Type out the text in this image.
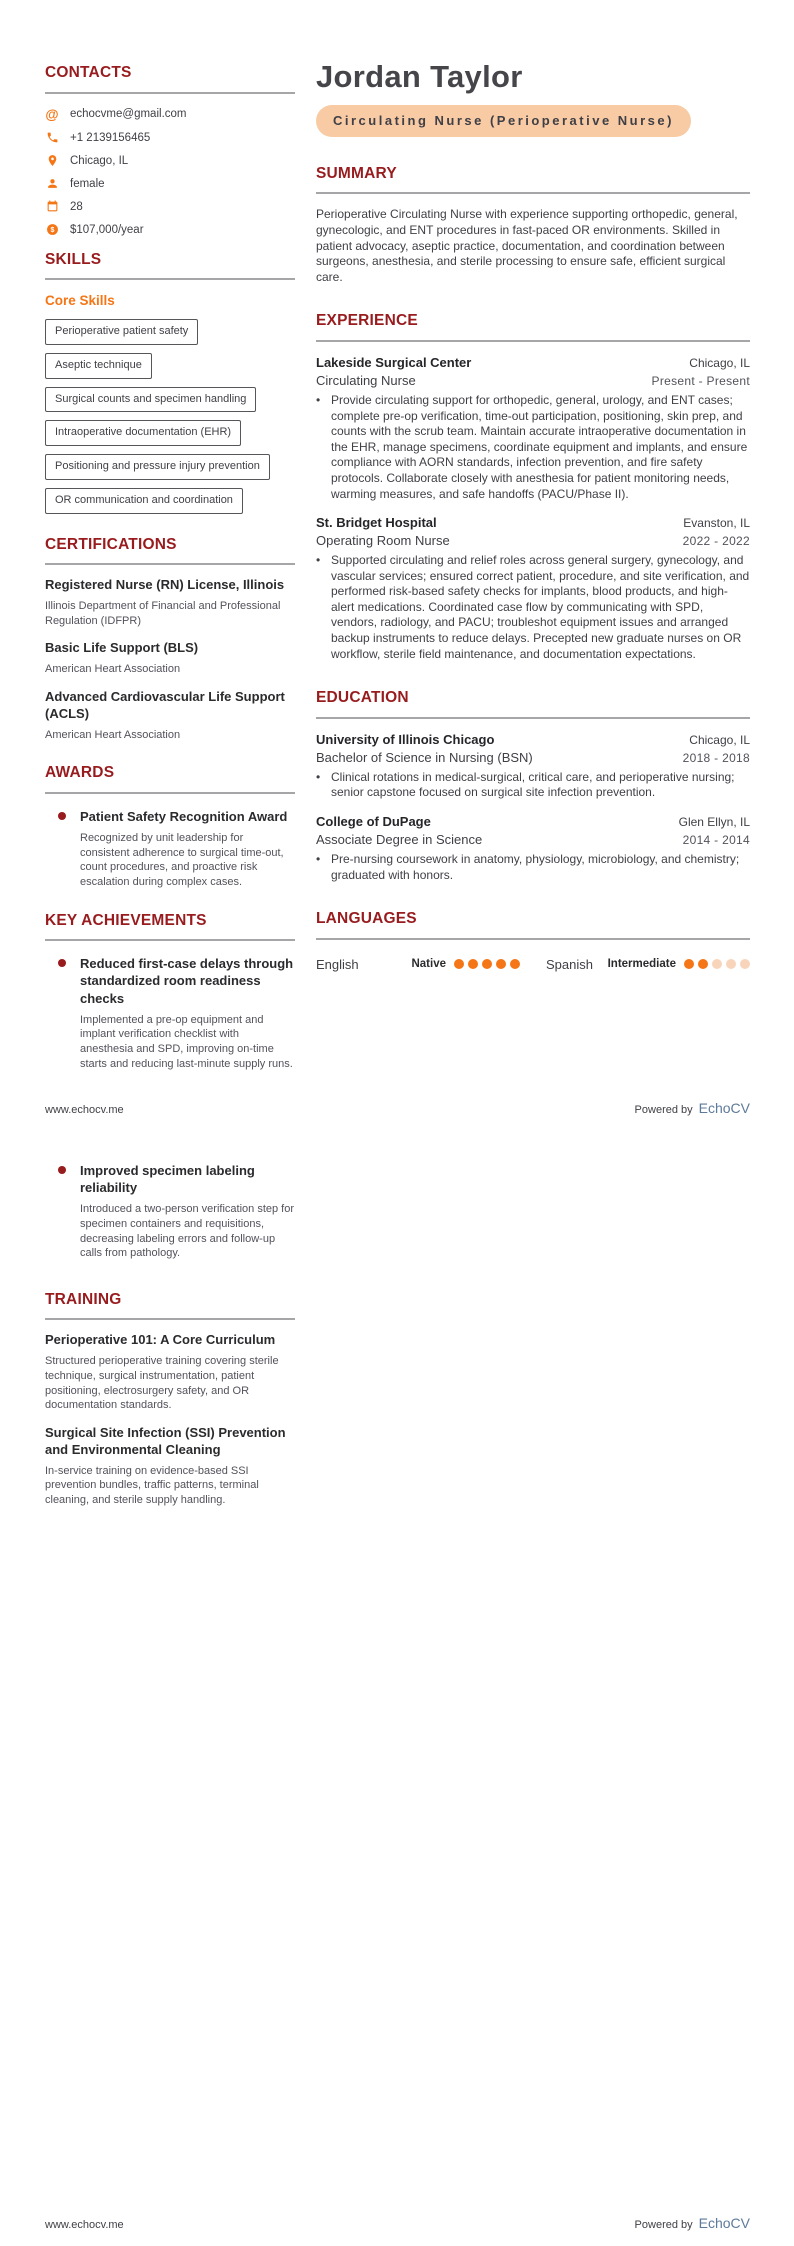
CONTACTS
@ echocvme@gmail.com
+1 2139156465
Chicago, IL
female
28
$ $107,000/year
SKILLS
Core Skills
Perioperative patient safety
Aseptic technique
Surgical counts and specimen handling
Intraoperative documentation (EHR)
Positioning and pressure injury prevention
OR communication and coordination
CERTIFICATIONS
Registered Nurse (RN) License, Illinois
Illinois Department of Financial and Professional Regulation (IDFPR)
Basic Life Support (BLS)
American Heart Association
Advanced Cardiovascular Life Support (ACLS)
American Heart Association
AWARDS
Patient Safety Recognition Award
Recognized by unit leadership for consistent adherence to surgical time-out, count procedures, and proactive risk escalation during complex cases.
KEY ACHIEVEMENTS
Reduced first-case delays through standardized room readiness checks
Implemented a pre-op equipment and implant verification checklist with anesthesia and SPD, improving on-time starts and reducing last-minute supply runs.
Improved specimen labeling reliability
Introduced a two-person verification step for specimen containers and requisitions, decreasing labeling errors and follow-up calls from pathology.
TRAINING
Perioperative 101: A Core Curriculum
Structured perioperative training covering sterile technique, surgical instrumentation, patient positioning, electrosurgery safety, and OR documentation standards.
Surgical Site Infection (SSI) Prevention and Environmental Cleaning
In-service training on evidence-based SSI prevention bundles, traffic patterns, terminal cleaning, and sterile supply handling.
Jordan Taylor
Circulating Nurse (Perioperative Nurse)
SUMMARY

Perioperative Circulating Nurse with experience supporting orthopedic, general, gynecologic, and ENT procedures in fast-paced OR environments. Skilled in patient advocacy, aseptic practice, documentation, and coordination between surgeons, anesthesia, and sterile processing to ensure safe, efficient surgical care.

EXPERIENCE
Lakeside Surgical Center	Chicago, IL
Circulating Nurse	Present - Present
• Provide circulating support for orthopedic, general, urology, and ENT cases; complete pre-op verification, time-out participation, positioning, skin prep, and counts with the scrub team. Maintain accurate intraoperative documentation in the EHR, manage specimens, coordinate equipment and implants, and ensure compliance with AORN standards, infection prevention, and fire safety protocols. Collaborate closely with anesthesia for patient monitoring needs, warming measures, and safe handoffs (PACU/Phase II).
St. Bridget Hospital	Evanston, IL
Operating Room Nurse	2022 - 2022
• Supported circulating and relief roles across general surgery, gynecology, and vascular services; ensured correct patient, procedure, and site verification, and performed risk-based safety checks for implants, blood products, and high-alert medications. Coordinated case flow by communicating with SPD, vendors, radiology, and PACU; troubleshot equipment issues and arranged backup instruments to reduce delays. Precepted new graduate nurses on OR workflow, sterile field maintenance, and documentation expectations.
EDUCATION
University of Illinois Chicago	Chicago, IL
Bachelor of Science in Nursing (BSN)	2018 - 2018
• Clinical rotations in medical-surgical, critical care, and perioperative nursing; senior capstone focused on surgical site infection prevention.
College of DuPage	Glen Ellyn, IL
Associate Degree in Science	2014 - 2014
• Pre-nursing coursework in anatomy, physiology, microbiology, and chemistry; graduated with honors.
LANGUAGES
English	Native	Spanish Intermediate
www.echocv.me	Powered by EchoCV
www.echocv.me	Powered by EchoCV
